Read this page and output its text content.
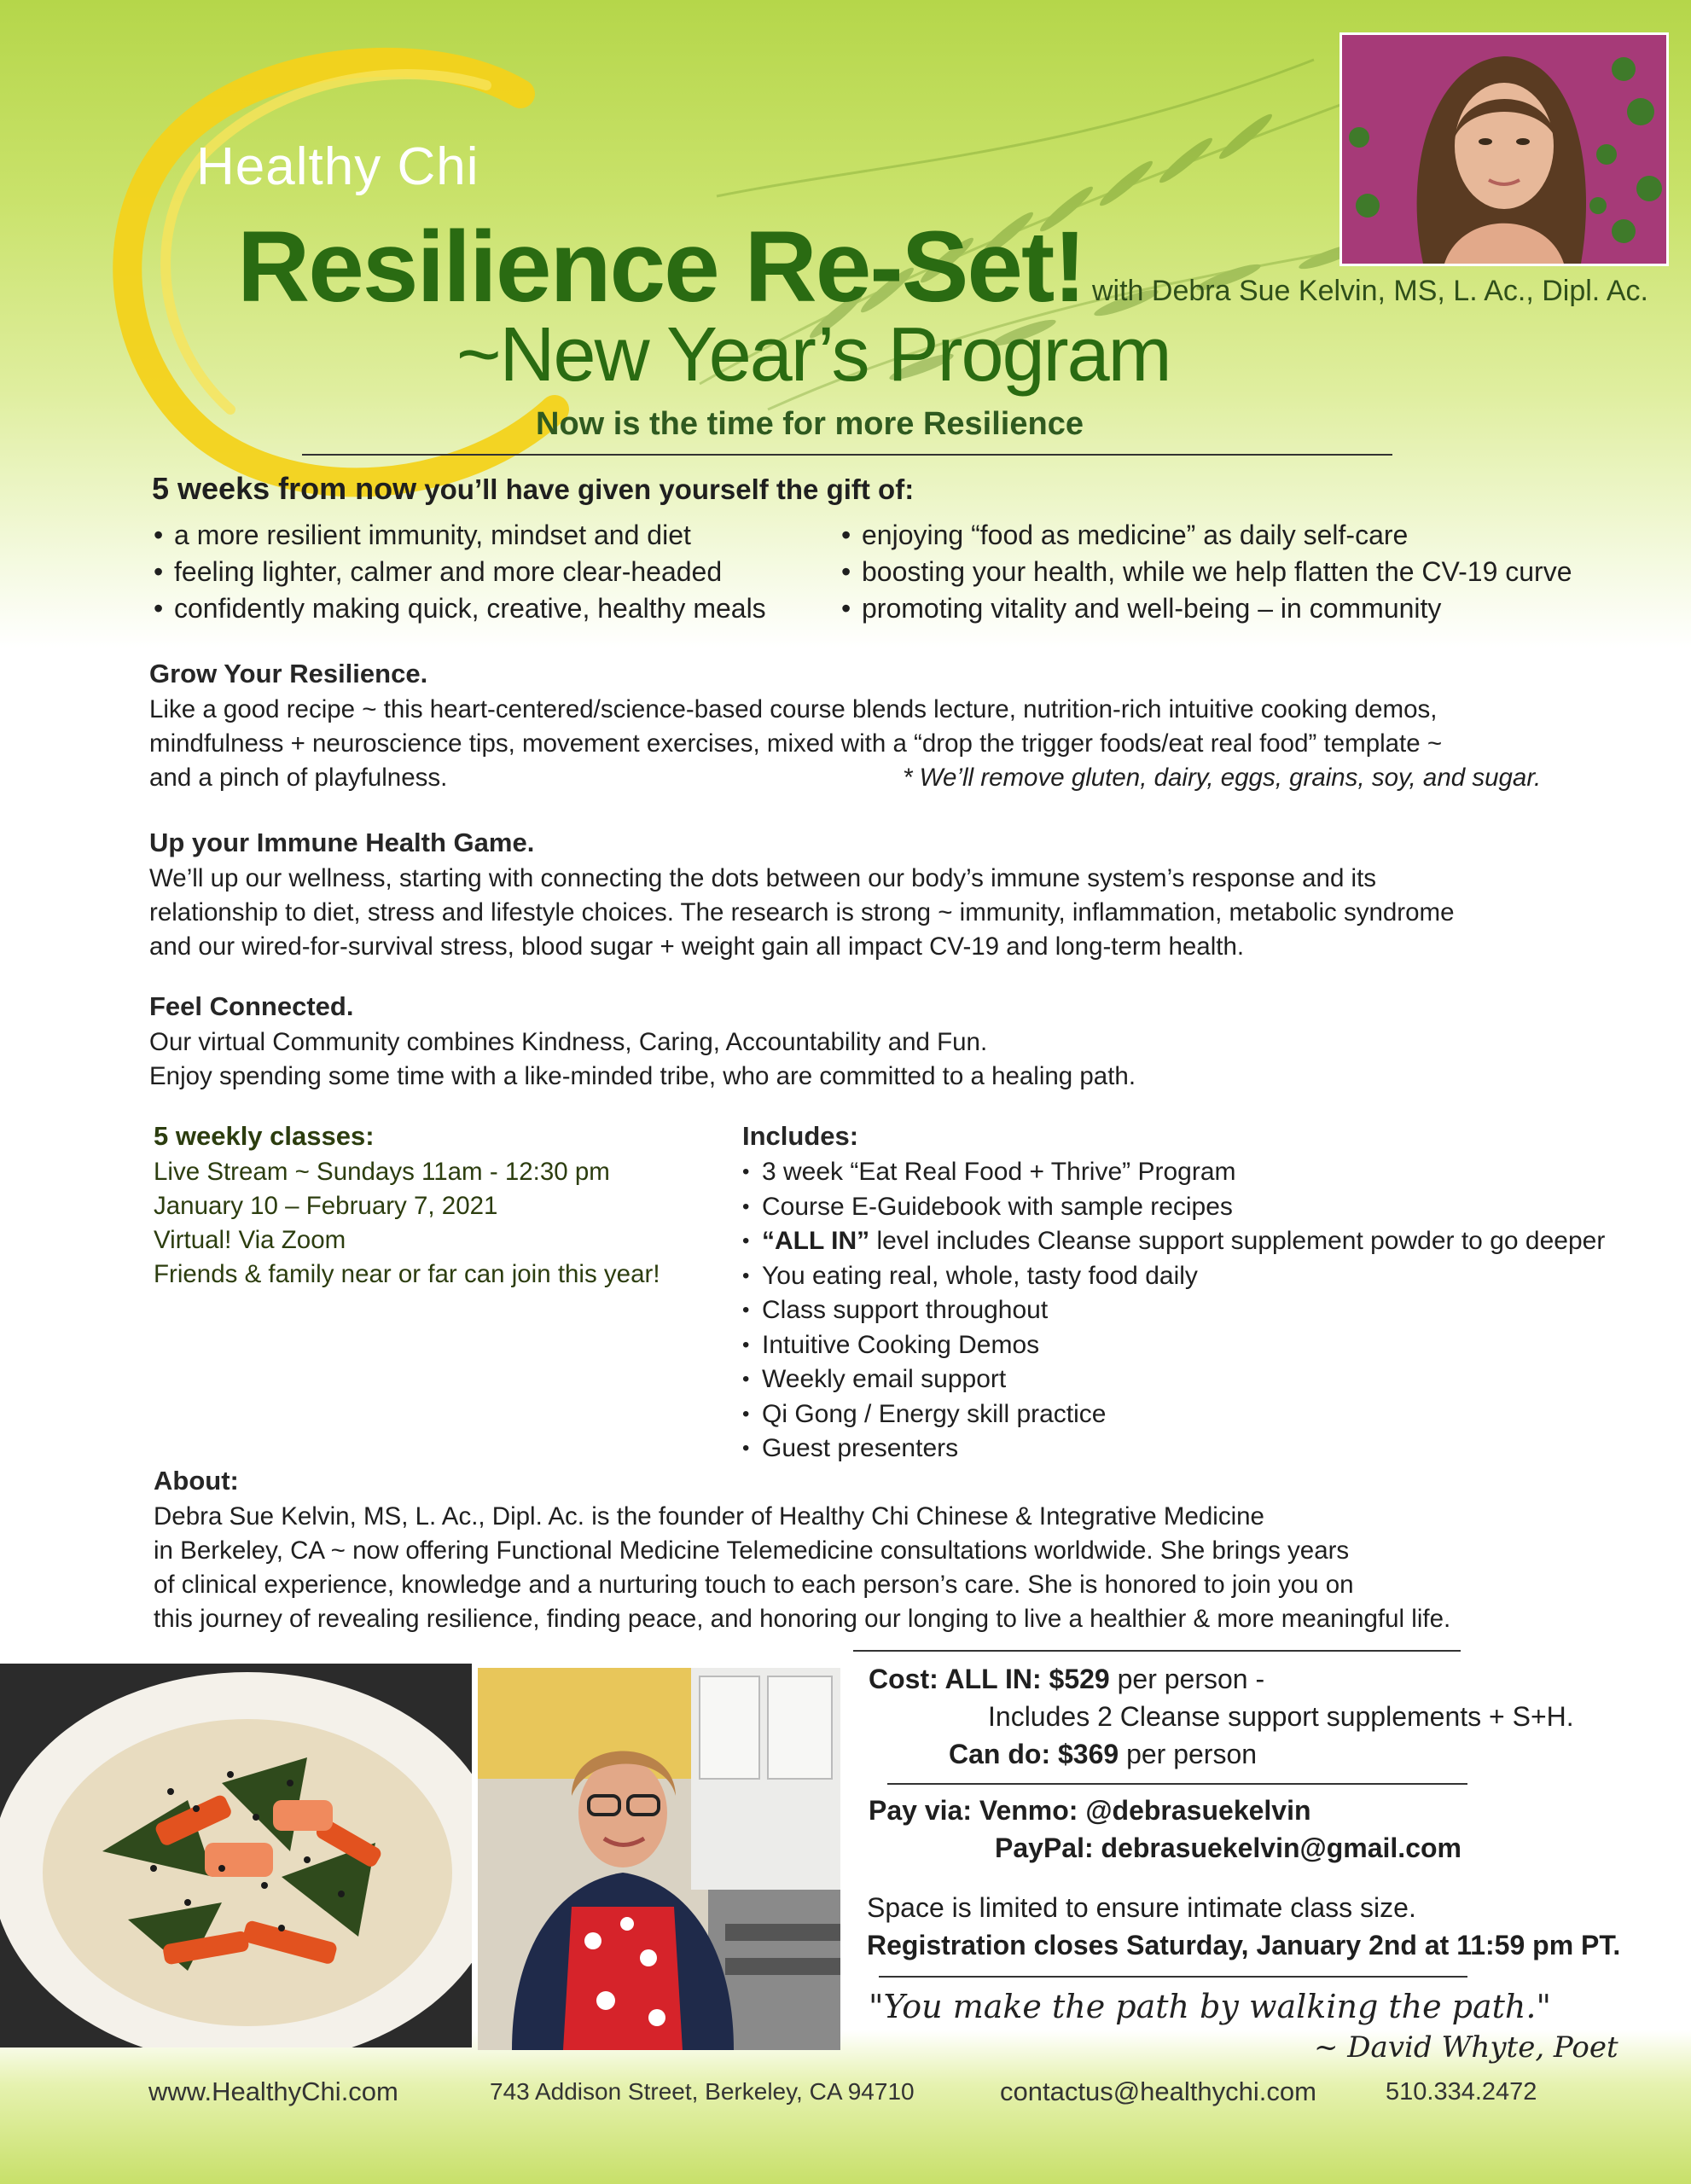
Healthy Chi
Resilience Re-Set! with Debra Sue Kelvin, MS, L. Ac., Dipl. Ac.
~New Year’s Program
Now is the time for more Resilience
5 weeks from now you’ll have given yourself the gift of:
• a more resilient immunity, mindset and diet
• feeling lighter, calmer and more clear-headed
• confidently making quick, creative, healthy meals
• enjoying “food as medicine” as daily self-care
• boosting your health, while we help flatten the CV-19 curve
• promoting vitality and well-being – in community
Grow Your Resilience.
Like a good recipe ~ this heart-centered/science-based course blends lecture, nutrition-rich intuitive cooking demos,
mindfulness + neuroscience tips, movement exercises, mixed with a “drop the trigger foods/eat real food” template ~
and a pinch of playfulness.	* We’ll remove gluten, dairy, eggs, grains, soy, and sugar.
Up your Immune Health Game.
We’ll up our wellness, starting with connecting the dots between our body’s immune system’s response and its
relationship to diet, stress and lifestyle choices. The research is strong ~ immunity, inflammation, metabolic syndrome
and our wired-for-survival stress, blood sugar + weight gain all impact CV-19 and long-term health.
Feel Connected.
Our virtual Community combines Kindness, Caring, Accountability and Fun.
Enjoy spending some time with a like-minded tribe, who are committed to a healing path.
5 weekly classes:
Live Stream ~ Sundays 11am - 12:30 pm
January 10 – February 7, 2021
Virtual! Via Zoom
Friends & family near or far can join this year!
Includes:
• 3 week “Eat Real Food + Thrive” Program
• Course E-Guidebook with sample recipes
• “ALL IN” level includes Cleanse support supplement powder to go deeper
• You eating real, whole, tasty food daily
• Class support throughout
• Intuitive Cooking Demos
• Weekly email support
• Qi Gong / Energy skill practice
• Guest presenters
About:
Debra Sue Kelvin, MS, L. Ac., Dipl. Ac. is the founder of Healthy Chi Chinese & Integrative Medicine
in Berkeley, CA ~ now offering Functional Medicine Telemedicine consultations worldwide. She brings years
of clinical experience, knowledge and a nurturing touch to each person’s care. She is honored to join you on
this journey of revealing resilience, finding peace, and honoring our longing to live a healthier & more meaningful life.
Cost: ALL IN: $529 per person -
Includes 2 Cleanse support supplements + S+H.
Can do: $369 per person
Pay via: Venmo: @debrasuekelvin
PayPal: debrasuekelvin@gmail.com
Space is limited to ensure intimate class size.
Registration closes Saturday, January 2nd at 11:59 pm PT.
"You make the path by walking the path."
~ David Whyte, Poet
www.HealthyChi.com	743 Addison Street, Berkeley, CA 94710	contactus@healthychi.com	510.334.2472
